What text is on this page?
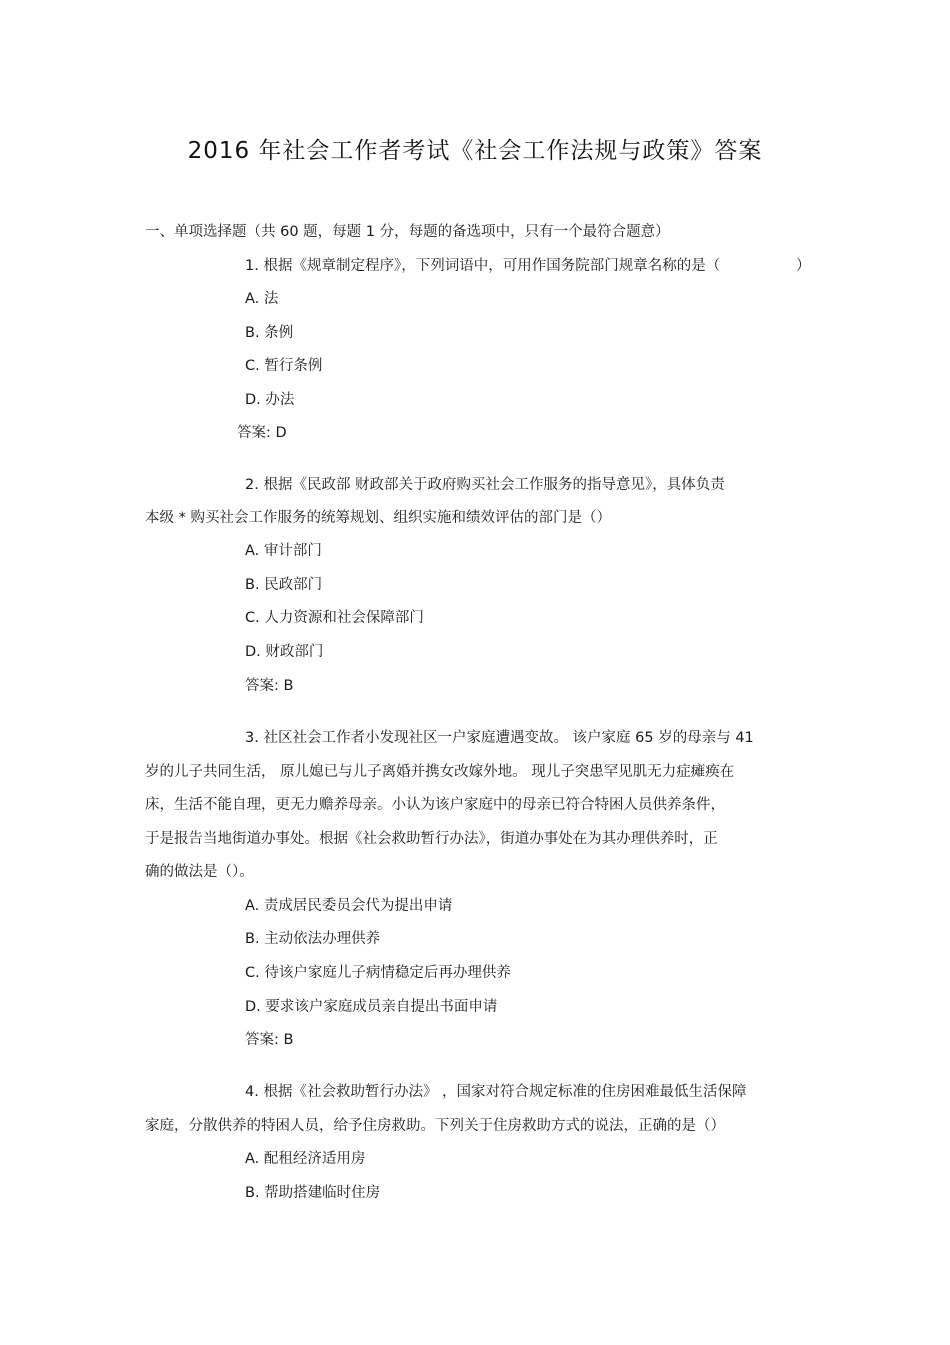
2016 年社会工作者考试《社会工作法规与政策》答案
一、单项选择题（共 60 题，每题 1 分，每题的备选项中，只有一个最符合题意）
1. 根据《规章制定程序》，下列词语中，可用作国务院部门规章名称的是（	）
A. 法
B. 条例
C. 暂行条例
D. 办法
答案: D
2. 根据《民政部 财政部关于政府购买社会工作服务的指导意见》，具体负责
本级 * 购买社会工作服务的统筹规划、组织实施和绩效评估的部门是（）
A. 审计部门
B. 民政部门
C. 人力资源和社会保障部门
D. 财政部门
答案: B
3. 社区社会工作者小发现社区一户家庭遭遇变故。 该户家庭 65 岁的母亲与 41
岁的儿子共同生活， 原儿媳已与儿子离婚并携女改嫁外地。 现儿子突患罕见肌无力症瘫痪在
床，生活不能自理，更无力赡养母亲。小认为该户家庭中的母亲已符合特困人员供养条件，
于是报告当地街道办事处。根据《社会救助暂行办法》，街道办事处在为其办理供养时，正
确的做法是（）。
A. 责成居民委员会代为提出申请
B. 主动依法办理供养
C. 待该户家庭儿子病情稳定后再办理供养
D. 要求该户家庭成员亲自提出书面申请
答案: B
4. 根据《社会救助暂行办法》 ，国家对符合规定标准的住房困难最低生活保障
家庭，分散供养的特困人员，给予住房救助。下列关于住房救助方式的说法，正确的是（）
A. 配租经济适用房
B. 帮助搭建临时住房
